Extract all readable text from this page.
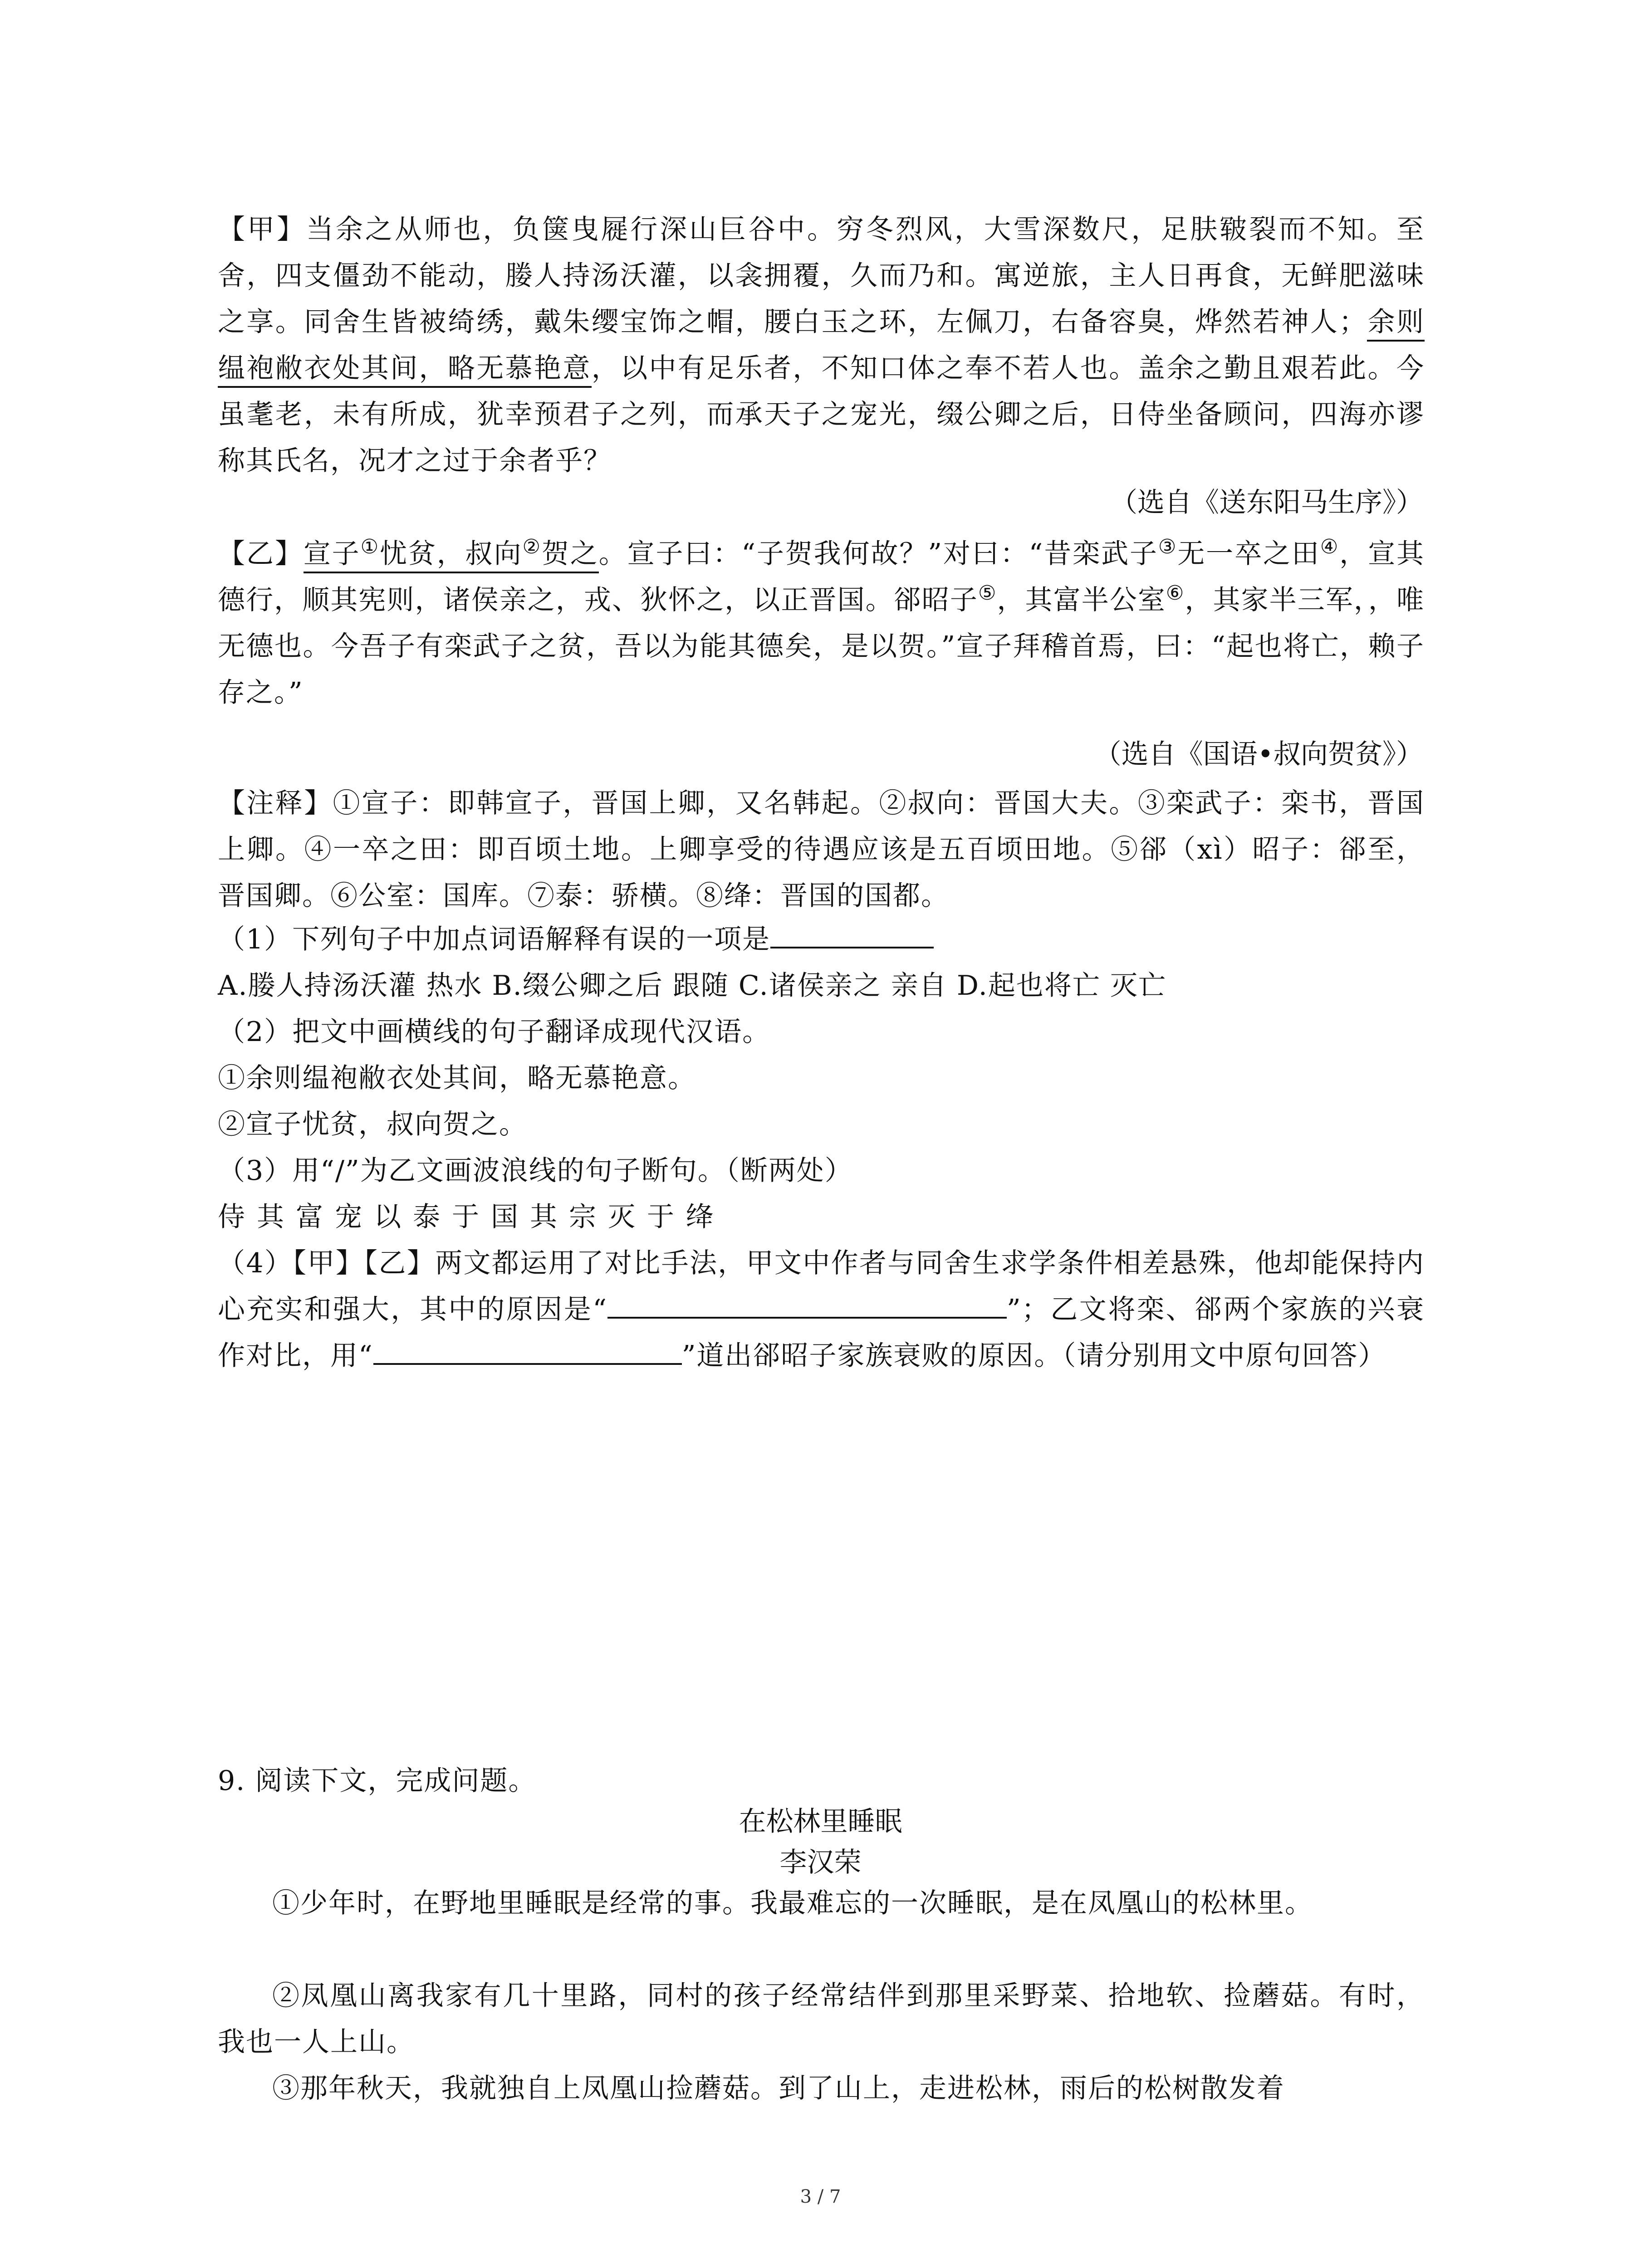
【甲】当余之从师也，负箧曳屣行深山巨谷中。穷冬烈风，大雪深数尺，足肤皲裂而不知。至舍，四支僵劲不能动，媵人持汤沃灌，以衾拥覆，久而乃和。寓逆旅，主人日再食，无鲜肥滋味之享。同舍生皆被绮绣，戴朱缨宝饰之帽，腰白玉之环，左佩刀，右备容臭，烨然若神人；余则缊袍敝衣处其间，略无慕艳意，以中有足乐者，不知口体之奉不若人也。盖余之勤且艰若此。今虽耄老，未有所成，犹幸预君子之列，而承天子之宠光，缀公卿之后，日侍坐备顾问，四海亦谬称其氏名，况才之过于余者乎？

（选自《送东阳马生序》）

【乙】宣子①忧贫，叔向②贺之。宣子曰：“子贺我何故？”对曰：“昔栾武子③无一卒之田④，宣其德行，顺其宪则，诸侯亲之，戎、狄怀之，以正晋国。郤昭子⑤，其富半公室⑥，其家半三军，，唯无德也。今吾子有栾武子之贫，吾以为能其德矣，是以贺。”宣子拜稽首焉，曰：“起也将亡，赖子存之。”

（选自《国语•叔向贺贫》）

【注释】①宣子：即韩宣子，晋国上卿，又名韩起。②叔向：晋国大夫。③栾武子：栾书，晋国上卿。④一卒之田：即百顷土地。上卿享受的待遇应该是五百顷田地。⑤郤（xì）昭子：郤至，晋国卿。⑥公室：国库。⑦泰：骄横。⑧绛：晋国的国都。

（1）下列句子中加点词语解释有误的一项是

A.媵人持汤沃灌 热水 B.缀公卿之后 跟随 C.诸侯亲之 亲自 D.起也将亡 灭亡

（2）把文中画横线的句子翻译成现代汉语。

①余则缊袍敝衣处其间，略无慕艳意。

②宣子忧贫，叔向贺之。

（3）用“/”为乙文画波浪线的句子断句。（断两处）

侍其富宠以泰于国其宗灭于绛

（4）【甲】【乙】两文都运用了对比手法，甲文中作者与同舍生求学条件相差悬殊，他却能保持内心充实和强大，其中的原因是“	”；乙文将栾、郤两个家族的兴衰作对比，用“	”道出郤昭子家族衰败的原因。（请分别用文中原句回答）

9. 阅读下文，完成问题。

在松林里睡眠

李汉荣

①少年时，在野地里睡眠是经常的事。我最难忘的一次睡眠，是在凤凰山的松林里。

②凤凰山离我家有几十里路，同村的孩子经常结伴到那里采野菜、拾地软、捡蘑菇。有时，我也一人上山。

③那年秋天，我就独自上凤凰山捡蘑菇。到了山上，走进松林，雨后的松树散发着

3 / 7
